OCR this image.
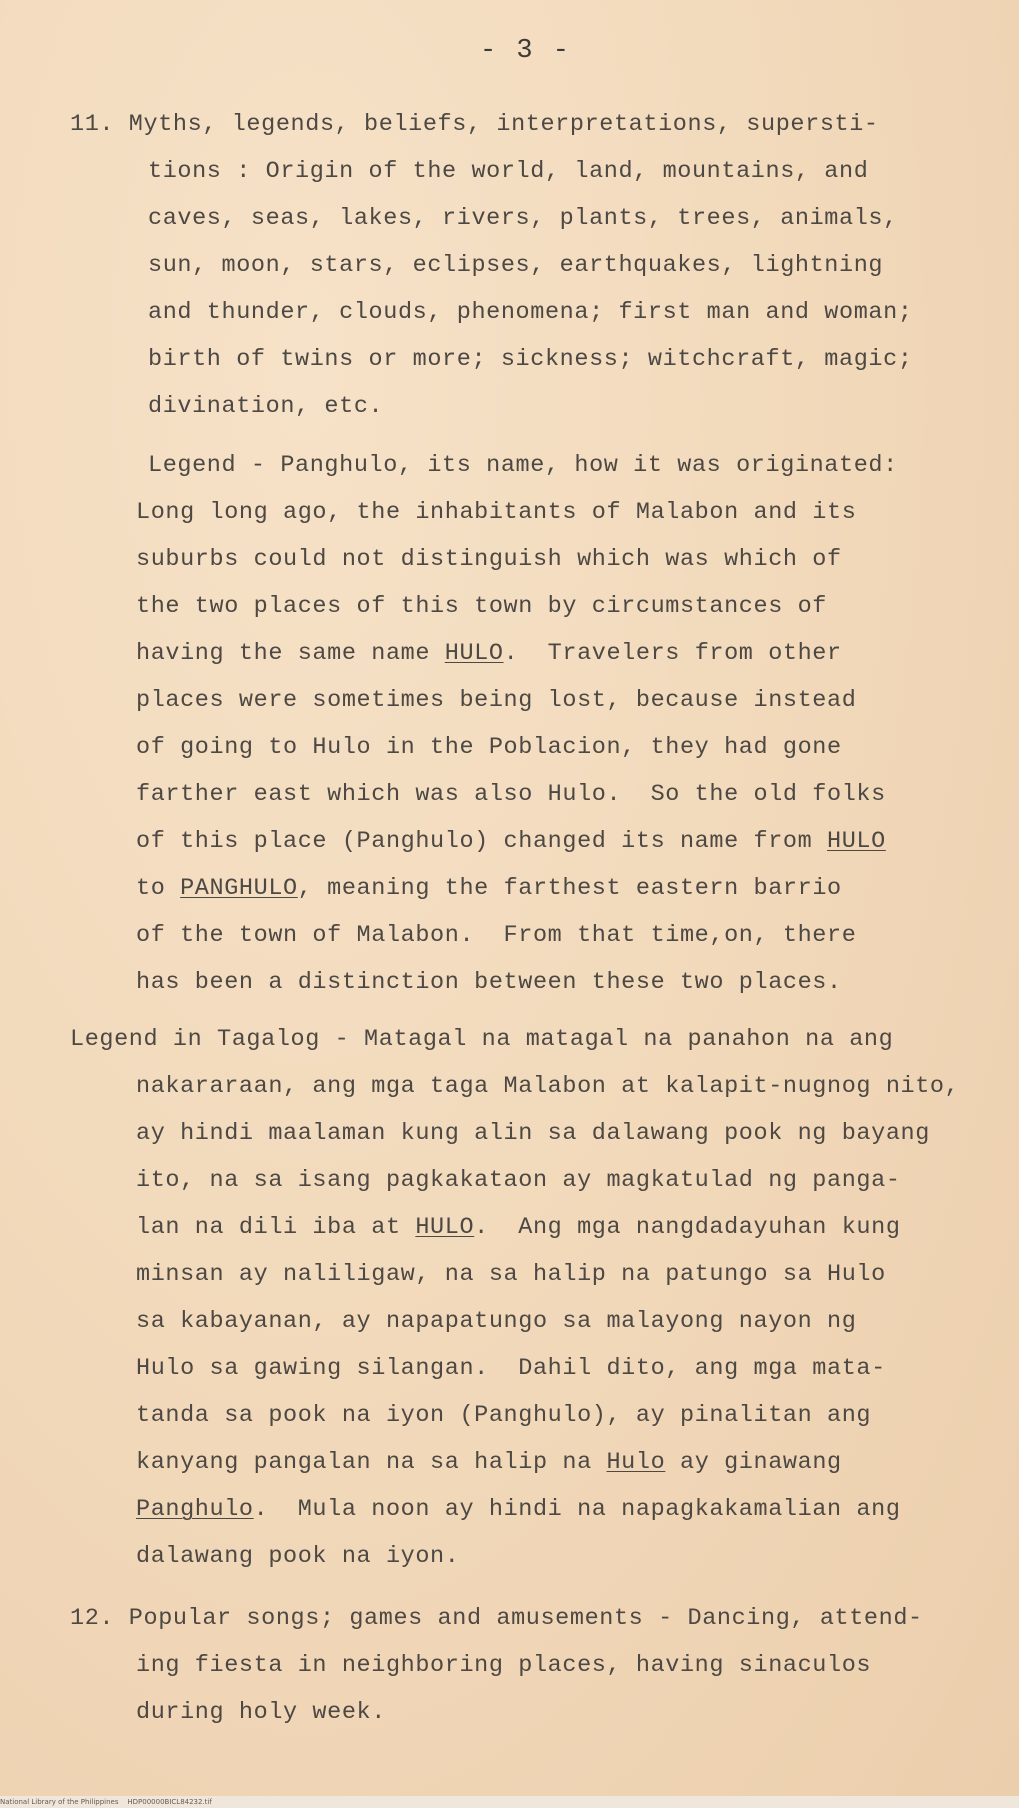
- 3 -
11. Myths, legends, beliefs, interpretations, supersti-
tions : Origin of the world, land, mountains, and
caves, seas, lakes, rivers, plants, trees, animals,
sun, moon, stars, eclipses, earthquakes, lightning
and thunder, clouds, phenomena; first man and woman;
birth of twins or more; sickness; witchcraft, magic;
divination, etc.
Legend - Panghulo, its name, how it was originated:
Long long ago, the inhabitants of Malabon and its
suburbs could not distinguish which was which of
the two places of this town by circumstances of
having the same name HULO.  Travelers from other
places were sometimes being lost, because instead
of going to Hulo in the Poblacion, they had gone
farther east which was also Hulo.  So the old folks
of this place (Panghulo) changed its name from HULO
to PANGHULO, meaning the farthest eastern barrio
of the town of Malabon.  From that time,on, there
has been a distinction between these two places.
Legend in Tagalog - Matagal na matagal na panahon na ang
nakararaan, ang mga taga Malabon at kalapit-nugnog nito,
ay hindi maalaman kung alin sa dalawang pook ng bayang
ito, na sa isang pagkakataon ay magkatulad ng panga-
lan na dili iba at HULO.  Ang mga nangdadayuhan kung
minsan ay naliligaw, na sa halip na patungo sa Hulo
sa kabayanan, ay napapatungo sa malayong nayon ng
Hulo sa gawing silangan.  Dahil dito, ang mga mata-
tanda sa pook na iyon (Panghulo), ay pinalitan ang
kanyang pangalan na sa halip na Hulo ay ginawang
Panghulo.  Mula noon ay hindi na napagkakamalian ang
dalawang pook na iyon.
12. Popular songs; games and amusements - Dancing, attend-
ing fiesta in neighboring places, having sinaculos
during holy week.
National Library of the Philippines    HDP00000BICL84232.tif
